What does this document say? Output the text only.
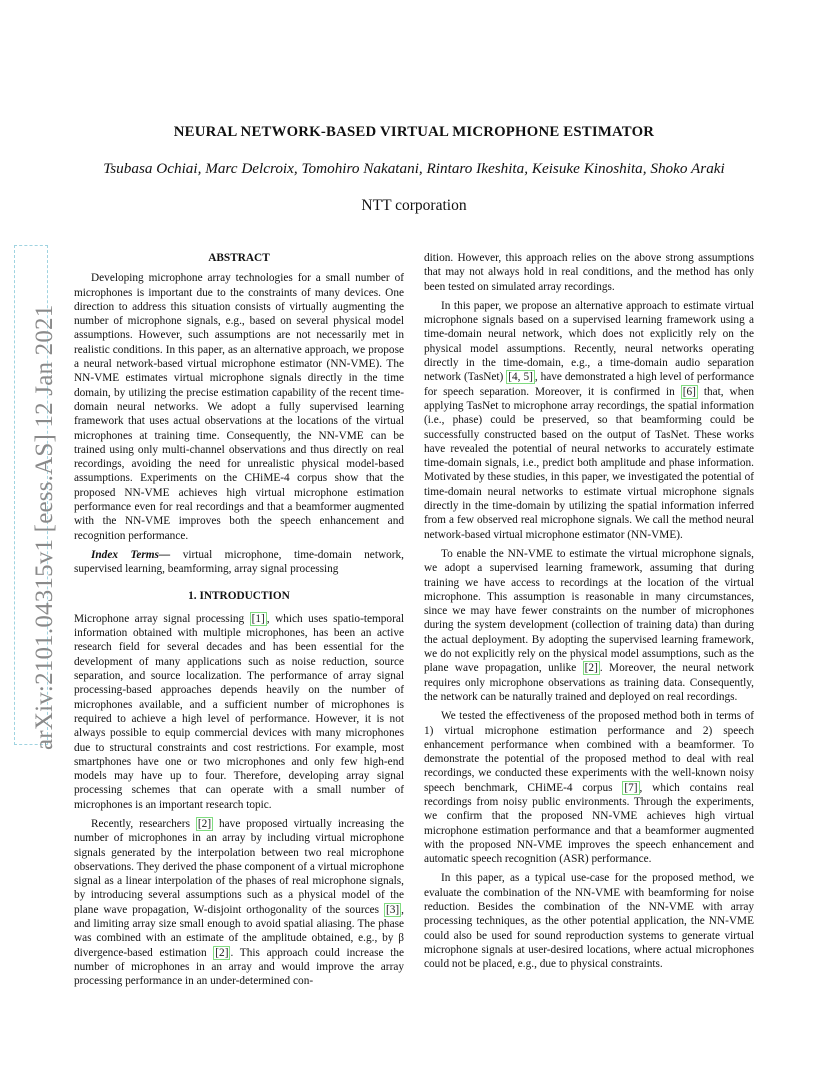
arXiv:2101.04315v1 [eess.AS] 12 Jan 2021
NEURAL NETWORK-BASED VIRTUAL MICROPHONE ESTIMATOR
Tsubasa Ochiai, Marc Delcroix, Tomohiro Nakatani, Rintaro Ikeshita, Keisuke Kinoshita, Shoko Araki
NTT corporation
ABSTRACT

Developing microphone array technologies for a small number of microphones is important due to the constraints of many devices. One direction to address this situation consists of virtually augmenting the number of microphone signals, e.g., based on several physical model assumptions. However, such assumptions are not necessarily met in realistic conditions. In this paper, as an alternative approach, we propose a neural network-based virtual microphone estimator (NN-VME). The NN-VME estimates virtual microphone signals directly in the time domain, by utilizing the precise estimation capability of the recent time-domain neural networks. We adopt a fully supervised learning framework that uses actual observations at the locations of the virtual microphones at training time. Consequently, the NN-VME can be trained using only multi-channel observations and thus directly on real recordings, avoiding the need for unrealistic physical model-based assumptions. Experiments on the CHiME-4 corpus show that the proposed NN-VME achieves high virtual microphone estimation performance even for real recordings and that a beamformer augmented with the NN-VME improves both the speech enhancement and recognition performance.

Index Terms— virtual microphone, time-domain network, supervised learning, beamforming, array signal processing

1. INTRODUCTION

Microphone array signal processing [1] , which uses spatio-temporal information obtained with multiple microphones, has been an active research field for several decades and has been essential for the development of many applications such as noise reduction, source separation, and source localization. The performance of array signal processing-based approaches depends heavily on the number of microphones available, and a sufficient number of microphones is required to achieve a high level of performance. However, it is not always possible to equip commercial devices with many microphones due to structural constraints and cost restrictions. For example, most smartphones have one or two microphones and only few high-end models may have up to four. Therefore, developing array signal processing schemes that can operate with a small number of microphones is an important research topic.

Recently, researchers [2] have proposed virtually increasing the number of microphones in an array by including virtual microphone signals generated by the interpolation between two real microphone observations. They derived the phase component of a virtual microphone signal as a linear interpolation of the phases of real microphone signals, by introducing several assumptions such as a physical model of the plane wave propagation, W-disjoint orthogonality of the sources [3] , and limiting array size small enough to avoid spatial aliasing. The phase was combined with an estimate of the amplitude obtained, e.g., by β divergence-based estimation [2] . This approach could increase the number of microphones in an array and would improve the array processing performance in an under-determined con-

dition. However, this approach relies on the above strong assumptions that may not always hold in real conditions, and the method has only been tested on simulated array recordings.

In this paper, we propose an alternative approach to estimate virtual microphone signals based on a supervised learning framework using a time-domain neural network, which does not explicitly rely on the physical model assumptions. Recently, neural networks operating directly in the time-domain, e.g., a time-domain audio separation network (TasNet) [4, 5] , have demonstrated a high level of performance for speech separation. Moreover, it is confirmed in [6] that, when applying TasNet to microphone array recordings, the spatial information (i.e., phase) could be preserved, so that beamforming could be successfully constructed based on the output of TasNet. These works have revealed the potential of neural networks to accurately estimate time-domain signals, i.e., predict both amplitude and phase information. Motivated by these studies, in this paper, we investigated the potential of time-domain neural networks to estimate virtual microphone signals directly in the time-domain by utilizing the spatial information inferred from a few observed real microphone signals. We call the method neural network-based virtual microphone estimator (NN-VME).

To enable the NN-VME to estimate the virtual microphone signals, we adopt a supervised learning framework, assuming that during training we have access to recordings at the location of the virtual microphone. This assumption is reasonable in many circumstances, since we may have fewer constraints on the number of microphones during the system development (collection of training data) than during the actual deployment. By adopting the supervised learning framework, we do not explicitly rely on the physical model assumptions, such as the plane wave propagation, unlike [2] . Moreover, the neural network requires only microphone observations as training data. Consequently, the network can be naturally trained and deployed on real recordings.

We tested the effectiveness of the proposed method both in terms of 1) virtual microphone estimation performance and 2) speech enhancement performance when combined with a beamformer. To demonstrate the potential of the proposed method to deal with real recordings, we conducted these experiments with the well-known noisy speech benchmark, CHiME-4 corpus [7] , which contains real recordings from noisy public environments. Through the experiments, we confirm that the proposed NN-VME achieves high virtual microphone estimation performance and that a beamformer augmented with the proposed NN-VME improves the speech enhancement and automatic speech recognition (ASR) performance.

In this paper, as a typical use-case for the proposed method, we evaluate the combination of the NN-VME with beamforming for noise reduction. Besides the combination of the NN-VME with array processing techniques, as the other potential application, the NN-VME could also be used for sound reproduction systems to generate virtual microphone signals at user-desired locations, where actual microphones could not be placed, e.g., due to physical constraints.
